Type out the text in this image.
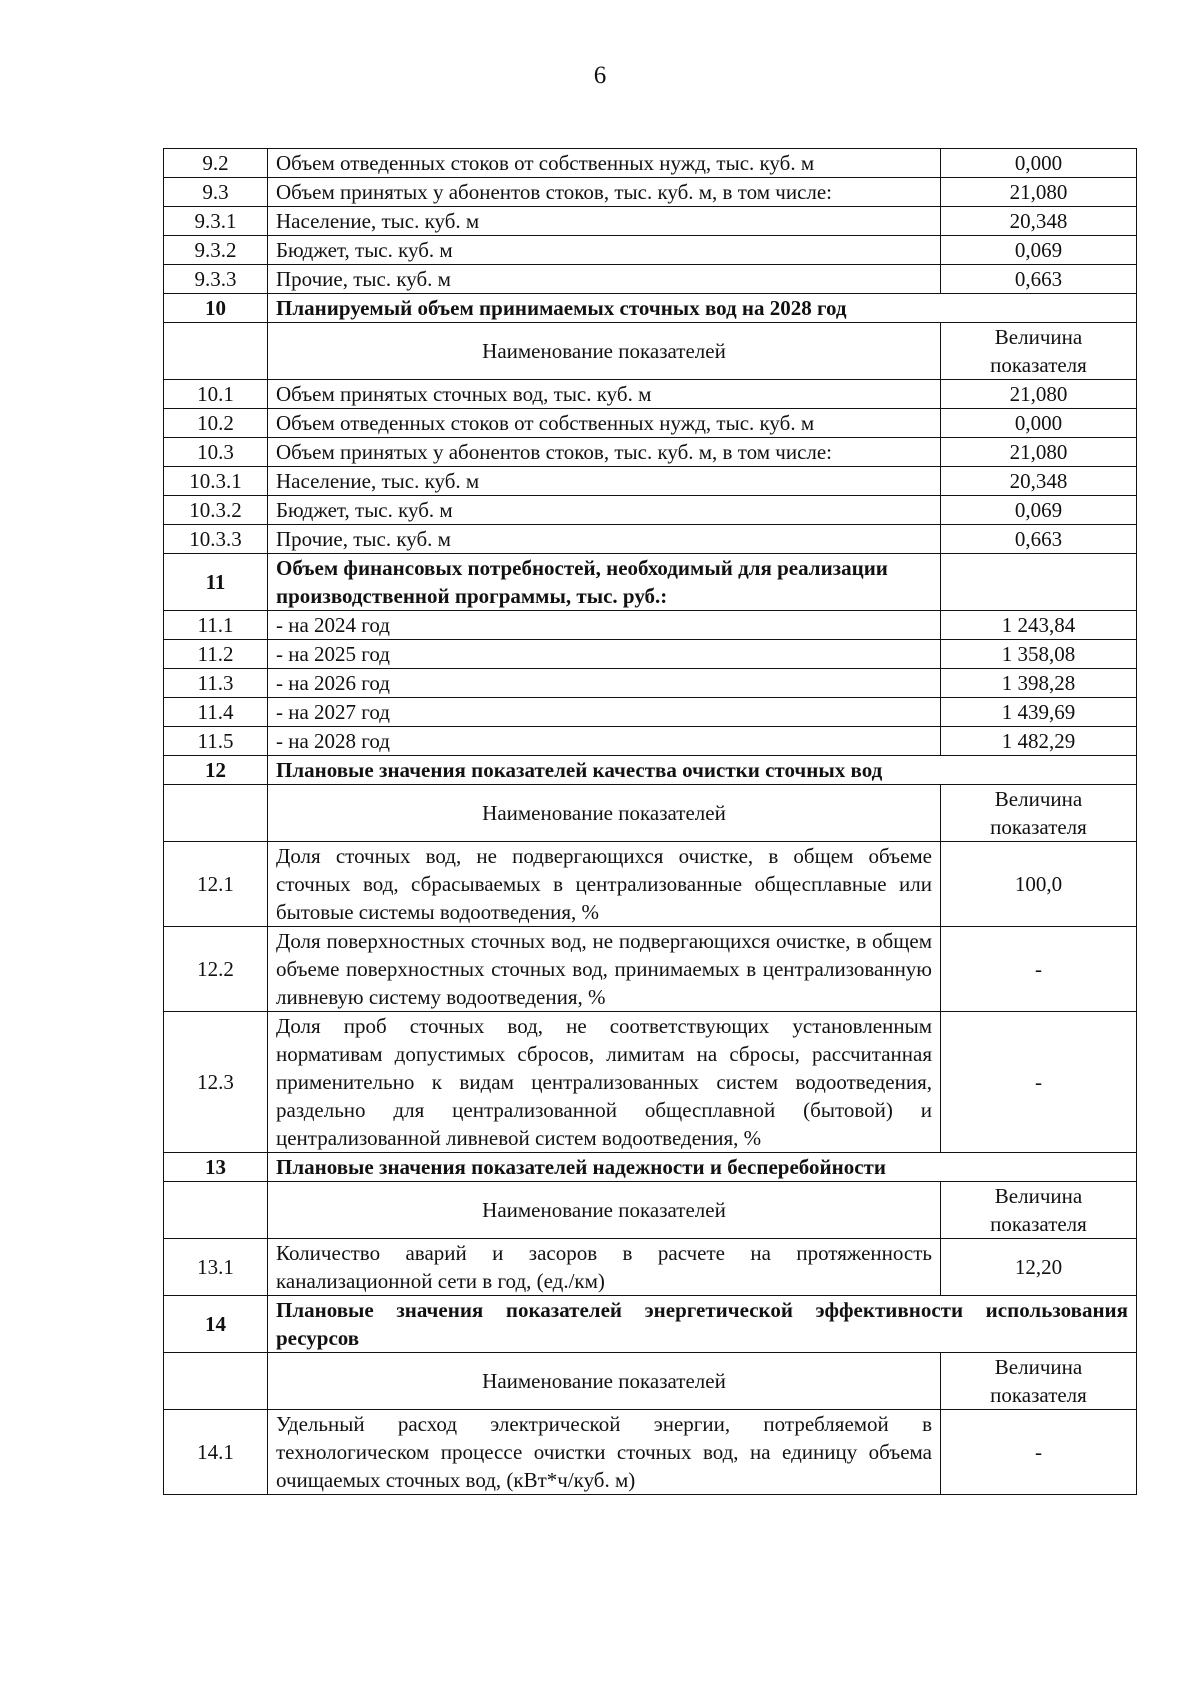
6
9.2	Объем отведенных стоков от собственных нужд, тыс. куб. м	0,000
9.3	Объем принятых у абонентов стоков, тыс. куб. м, в том числе:	21,080
9.3.1	Население, тыс. куб. м	20,348
9.3.2	Бюджет, тыс. куб. м	0,069
9.3.3	Прочие, тыс. куб. м	0,663
10	Планируемый объем принимаемых сточных вод на 2028 год	
	Наименование показателей	Величина показателя
10.1	Объем принятых сточных вод, тыс. куб. м	21,080
10.2	Объем отведенных стоков от собственных нужд, тыс. куб. м	0,000
10.3	Объем принятых у абонентов стоков, тыс. куб. м, в том числе:	21,080
10.3.1	Население, тыс. куб. м	20,348
10.3.2	Бюджет, тыс. куб. м	0,069
10.3.3	Прочие, тыс. куб. м	0,663
11	Объем финансовых потребностей, необходимый для реализации производственной программы, тыс. руб.:	
11.1	- на 2024 год	1 243,84
11.2	- на 2025 год	1 358,08
11.3	- на 2026 год	1 398,28
11.4	- на 2027 год	1 439,69
11.5	- на 2028 год	1 482,29
12	Плановые значения показателей качества очистки сточных вод	
	Наименование показателей	Величина показателя
12.1	Доля сточных вод, не подвергающихся очистке, в общем объеме сточных вод, сбрасываемых в централизованные общесплавные или бытовые системы водоотведения, %	100,0
12.2	Доля поверхностных сточных вод, не подвергающихся очистке, в общем объеме поверхностных сточных вод, принимаемых в централизованную ливневую систему водоотведения, %	-
12.3	Доля проб сточных вод, не соответствующих установленным нормативам допустимых сбросов, лимитам на сбросы, рассчитанная применительно к видам централизованных систем водоотведения, раздельно для централизованной общесплавной (бытовой) и централизованной ливневой систем водоотведения, %	-
13	Плановые значения показателей надежности и бесперебойности	
	Наименование показателей	Величина показателя
13.1	Количество аварий и засоров в расчете на протяженность канализационной сети в год, (ед./км)	12,20
14	Плановые значения показателей энергетической эффективности использования ресурсов	
	Наименование показателей	Величина показателя
14.1	Удельный расход электрической энергии, потребляемой в технологическом процессе очистки сточных вод, на единицу объема очищаемых сточных вод, (кВт*ч/куб. м)	-
